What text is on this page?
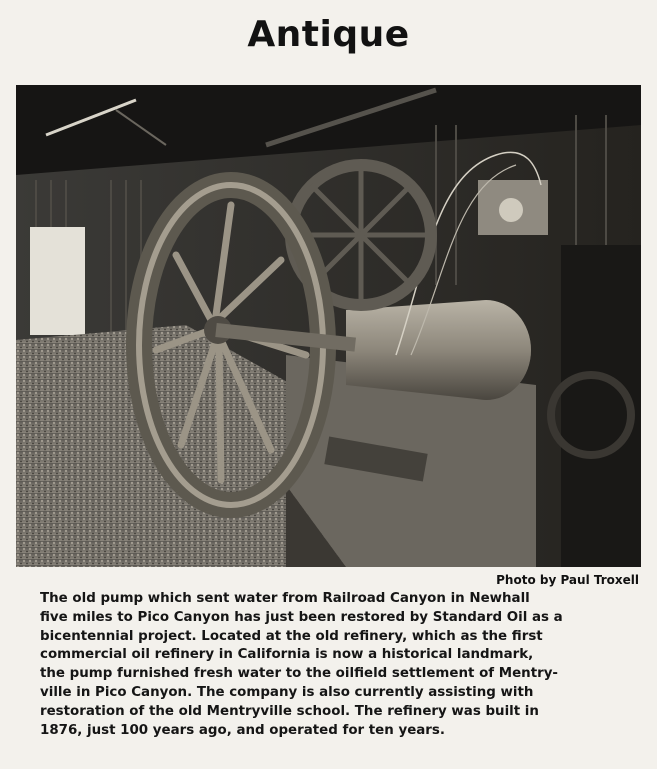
Antique
Photo by Paul Troxell
The old pump which sent water from Railroad Canyon in Newhall
five miles to Pico Canyon has just been restored by Standard Oil as a
bicentennial project. Located at the old refinery, which as the first
commercial oil refinery in California is now a historical landmark,
the pump furnished fresh water to the oilfield settlement of Mentry-
ville in Pico Canyon. The company is also currently assisting with
restoration of the old Mentryville school. The refinery was built in
1876, just 100 years ago, and operated for ten years.
